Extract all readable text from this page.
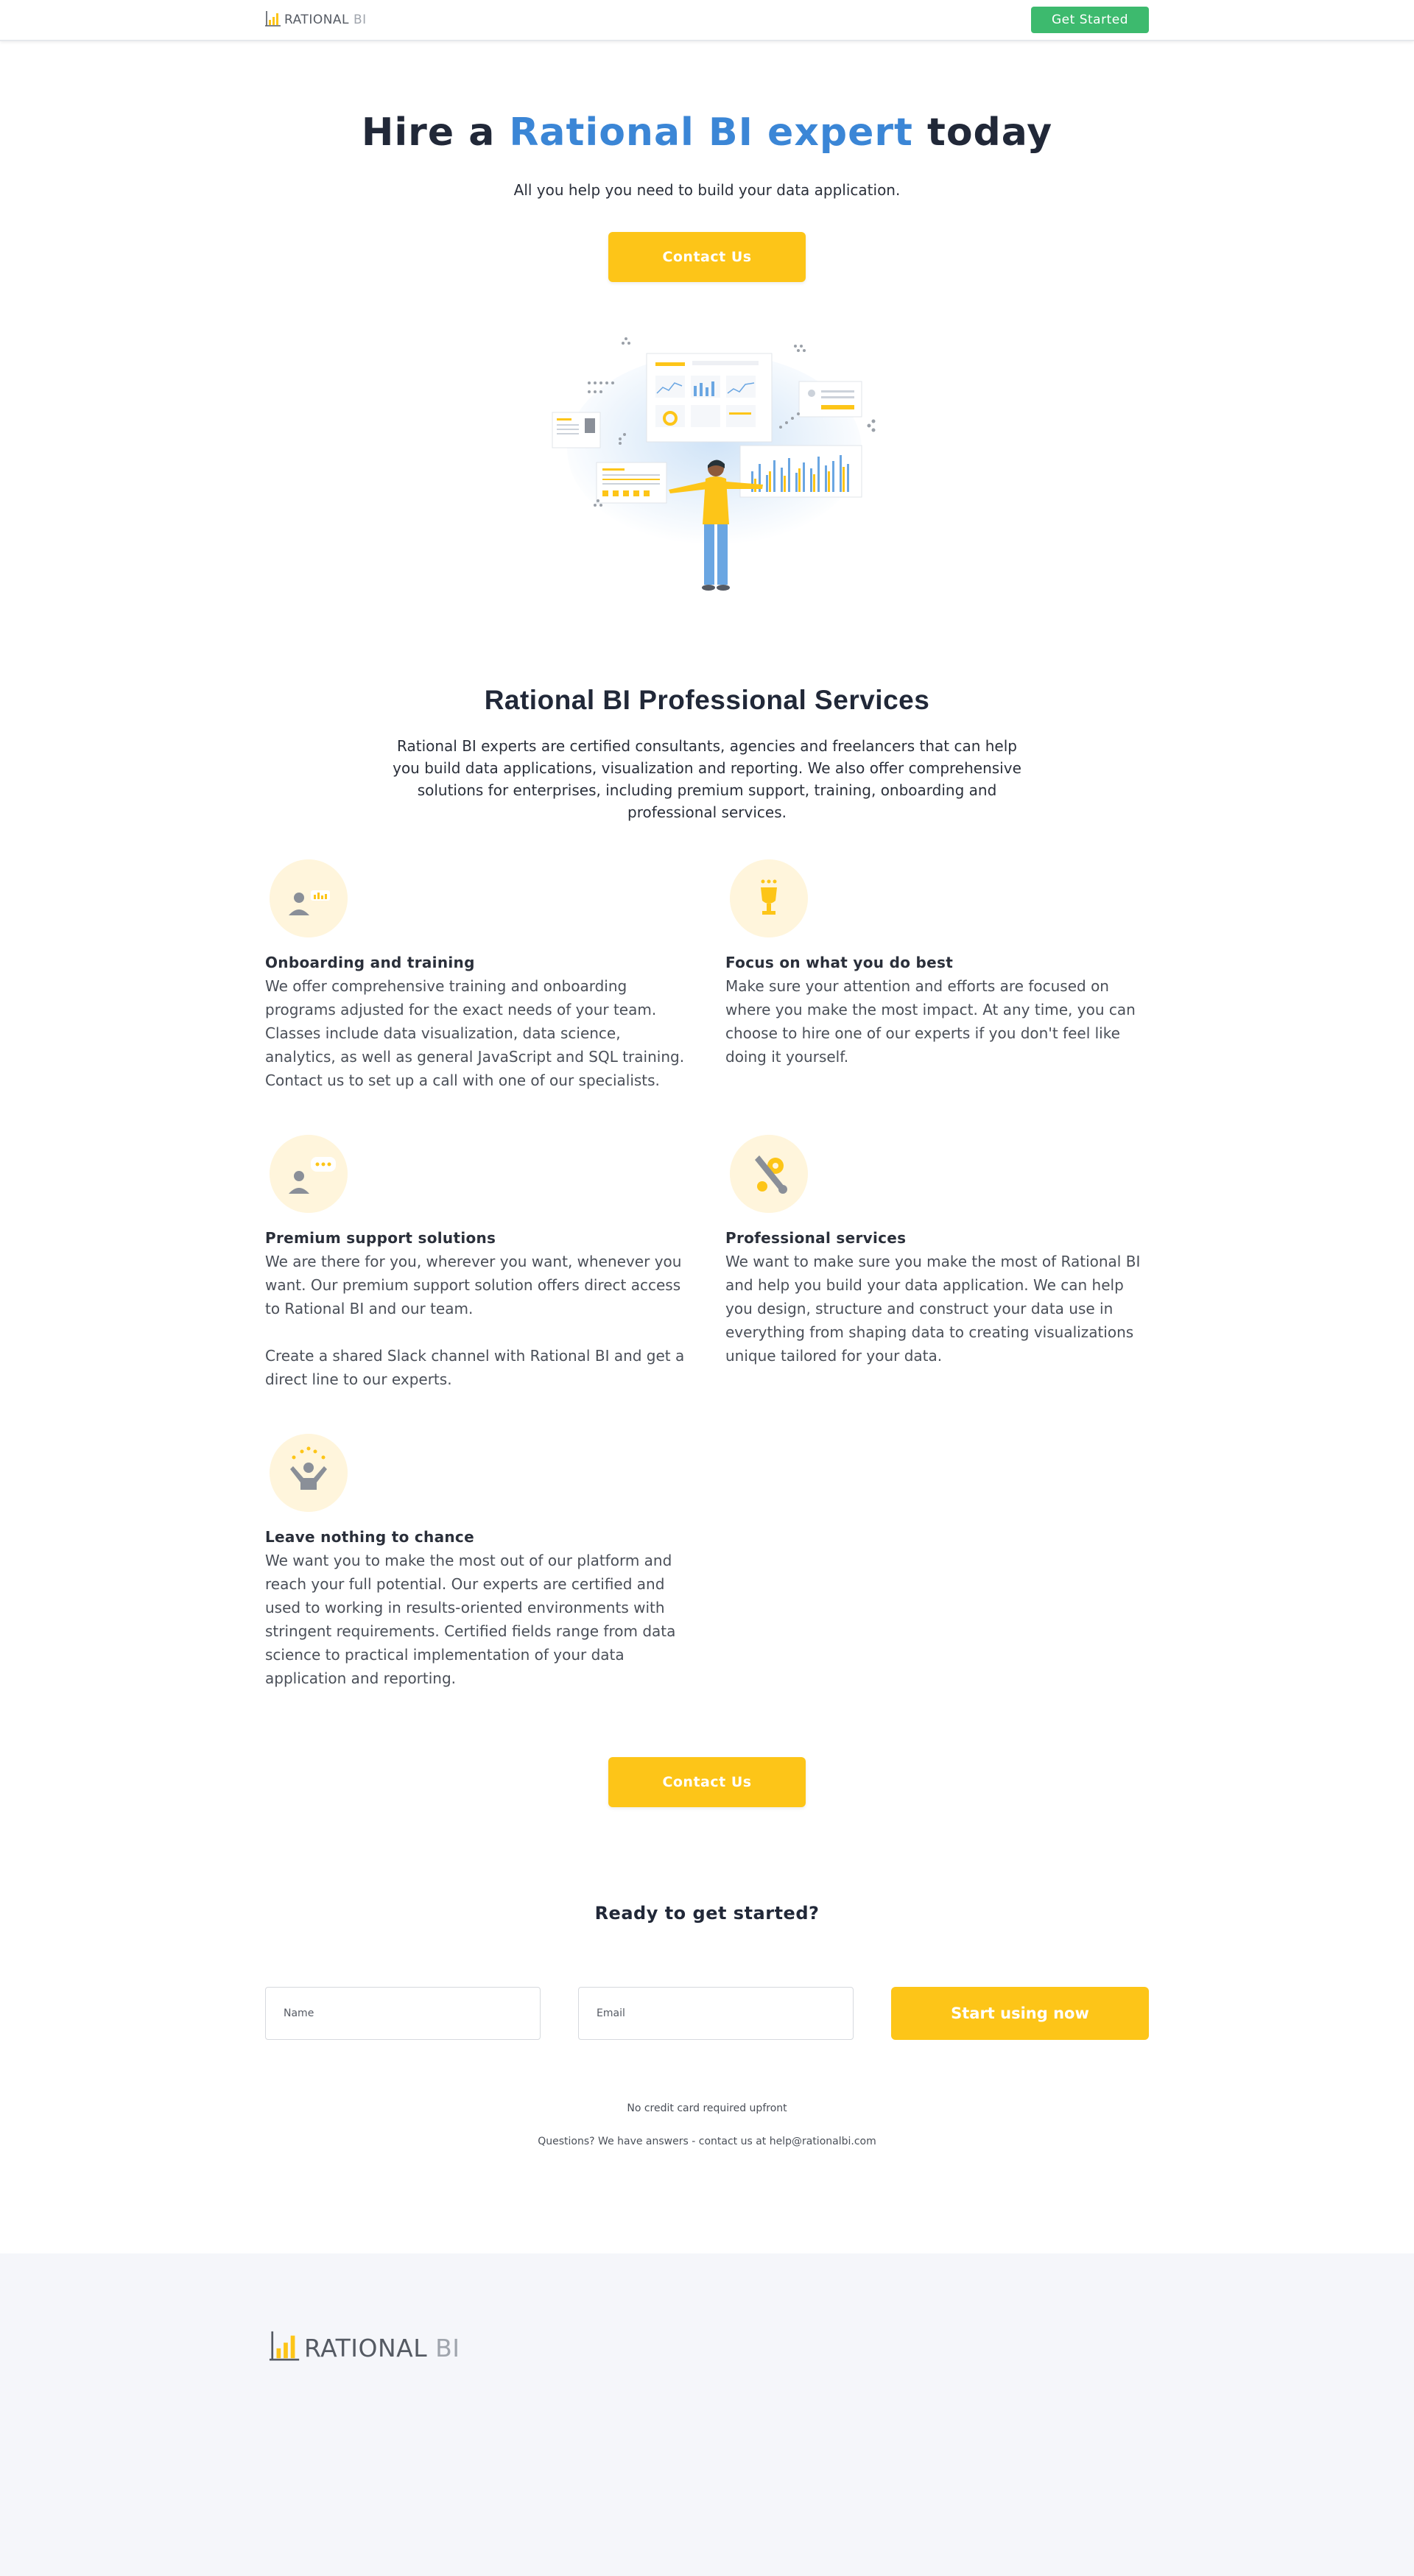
RATIONAL BI	Get Started
Hire a Rational BI expert today
All you help you need to build your data application.
Contact Us
Rational BI Professional Services

Rational BI experts are certified consultants, agencies and freelancers that can help you build data applications, visualization and reporting. We also offer comprehensive solutions for enterprises, including premium support, training, onboarding and professional services.

Onboarding and training

We offer comprehensive training and onboarding programs adjusted for the exact needs of your team. Classes include data visualization, data science, analytics, as well as general JavaScript and SQL training. Contact us to set up a call with one of our specialists.

Focus on what you do best

Make sure your attention and efforts are focused on where you make the most impact. At any time, you can choose to hire one of our experts if you don't feel like doing it yourself.

Premium support solutions

We are there for you, wherever you want, whenever you want. Our premium support solution offers direct access to Rational BI and our team.

Create a shared Slack channel with Rational BI and get a direct line to our experts.

Professional services

We want to make sure you make the most of Rational BI and help you build your data application. We can help you design, structure and construct your data use in everything from shaping data to creating visualizations unique tailored for your data.

Leave nothing to chance

We want you to make the most out of our platform and reach your full potential. Our experts are certified and used to working in results-oriented environments with stringent requirements. Certified fields range from data science to practical implementation of your data application and reporting.

Contact Us
Ready to get started?
Name
Email
Start using now
No credit card required upfront
Questions? We have answers - contact us at help@rationalbi.com
RATIONAL BI
